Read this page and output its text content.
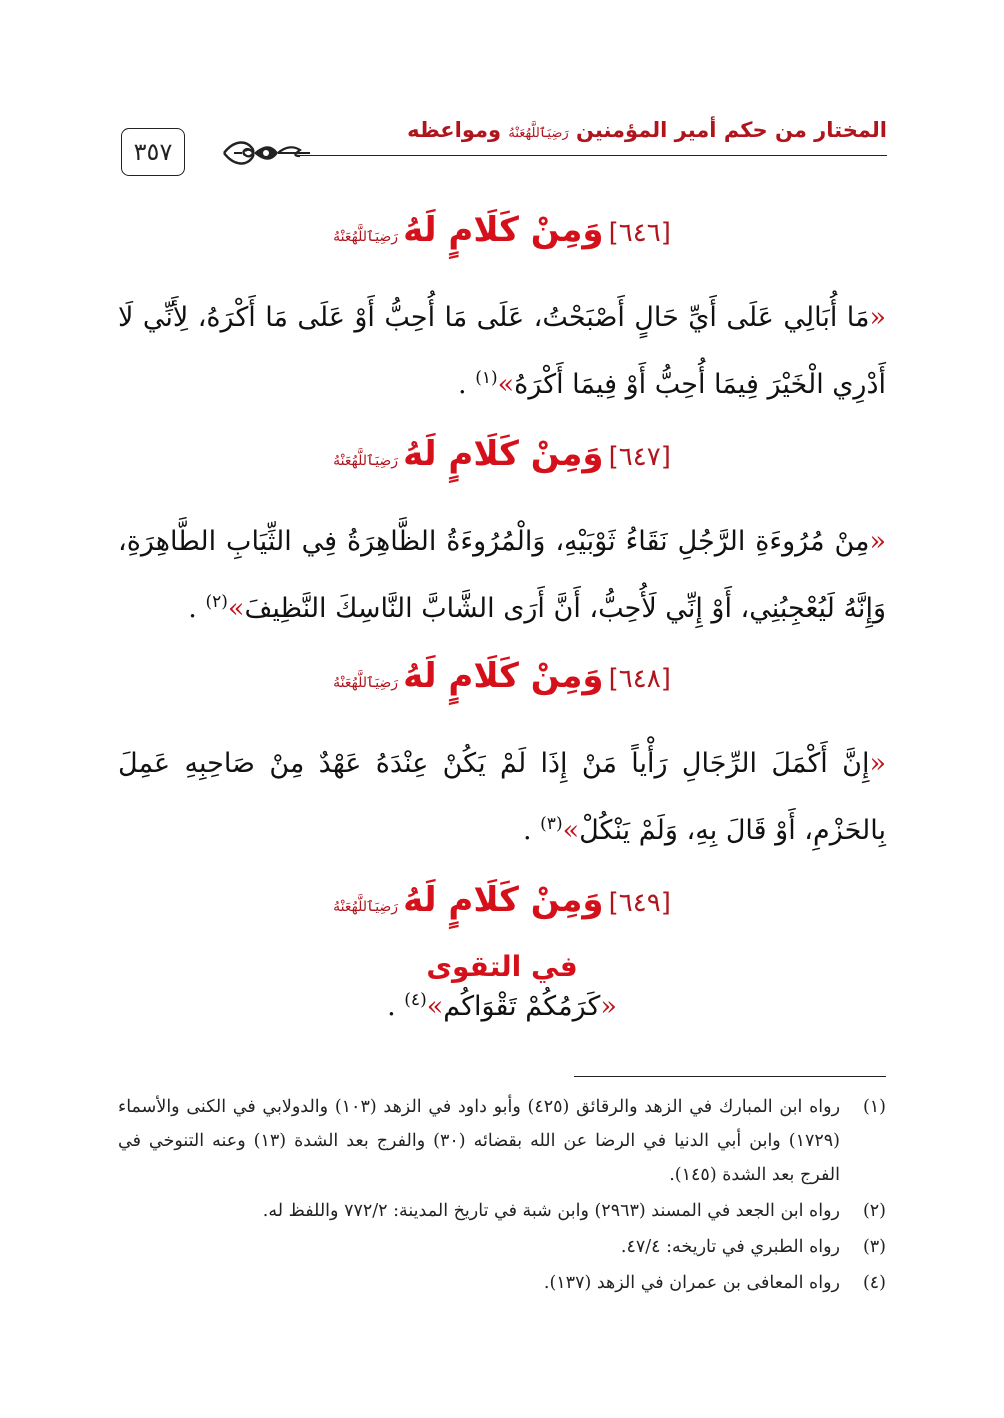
٣٥٧
المختار من حكم أمير المؤمنين رَضِيَٱللَّهُعَنْهُ ومواعظه
[٦٤٦] وَمِنْ كَلَامٍ لَهُ رَضِيَٱللَّهُعَنْهُ
«مَا أُبَالِي عَلَى أَيِّ حَالٍ أَصْبَحْتُ، عَلَى مَا أُحِبُّ أَوْ عَلَى مَا أَكْرَهُ، لِأَنِّي لَا أَدْرِي الْخَيْرَ فِيمَا أُحِبُّ أَوْ فِيمَا أَكْرَهُ»$^{(١)}$ .
[٦٤٧] وَمِنْ كَلَامٍ لَهُ رَضِيَٱللَّهُعَنْهُ
«مِنْ مُرُوءَةِ الرَّجُلِ نَقَاءُ ثَوْبَيْهِ، وَالْمُرُوءَةُ الظَّاهِرَةُ فِي الثِّيَابِ الطَّاهِرَةِ، وَإِنَّهُ لَيُعْجِبُنِي، أَوْ إِنِّي لَأُحِبُّ، أَنَّ أَرَى الشَّابَّ النَّاسِكَ النَّظِيفَ»$^{(٢)}$ .
[٦٤٨] وَمِنْ كَلَامٍ لَهُ رَضِيَٱللَّهُعَنْهُ
«إِنَّ أَكْمَلَ الرِّجَالِ رَأْياً مَنْ إِذَا لَمْ يَكُنْ عِنْدَهُ عَهْدٌ مِنْ صَاحِبِهِ عَمِلَ بِالحَزْمِ، أَوْ قَالَ بِهِ، وَلَمْ يَنْكُلْ»$^{(٣)}$ .
[٦٤٩] وَمِنْ كَلَامٍ لَهُ رَضِيَٱللَّهُعَنْهُ
في التقوى
«كَرَمُكُمْ تَقْوَاكُم»$^{(٤)}$ .
(١)
رواه ابن المبارك في الزهد والرقائق (٤٢٥) وأبو داود في الزهد (١٠٣) والدولابي في الكنى والأسماء (١٧٢٩) وابن أبي الدنيا في الرضا عن الله بقضائه (٣٠) والفرج بعد الشدة (١٣) وعنه التنوخي في الفرج بعد الشدة (١٤٥).
(٢)
رواه ابن الجعد في المسند (٢٩٦٣) وابن شبة في تاريخ المدينة: ٧٧٢/٢ واللفظ له.
(٣)
رواه الطبري في تاريخه: ٤٧/٤.
(٤)
رواه المعافى بن عمران في الزهد (١٣٧).
